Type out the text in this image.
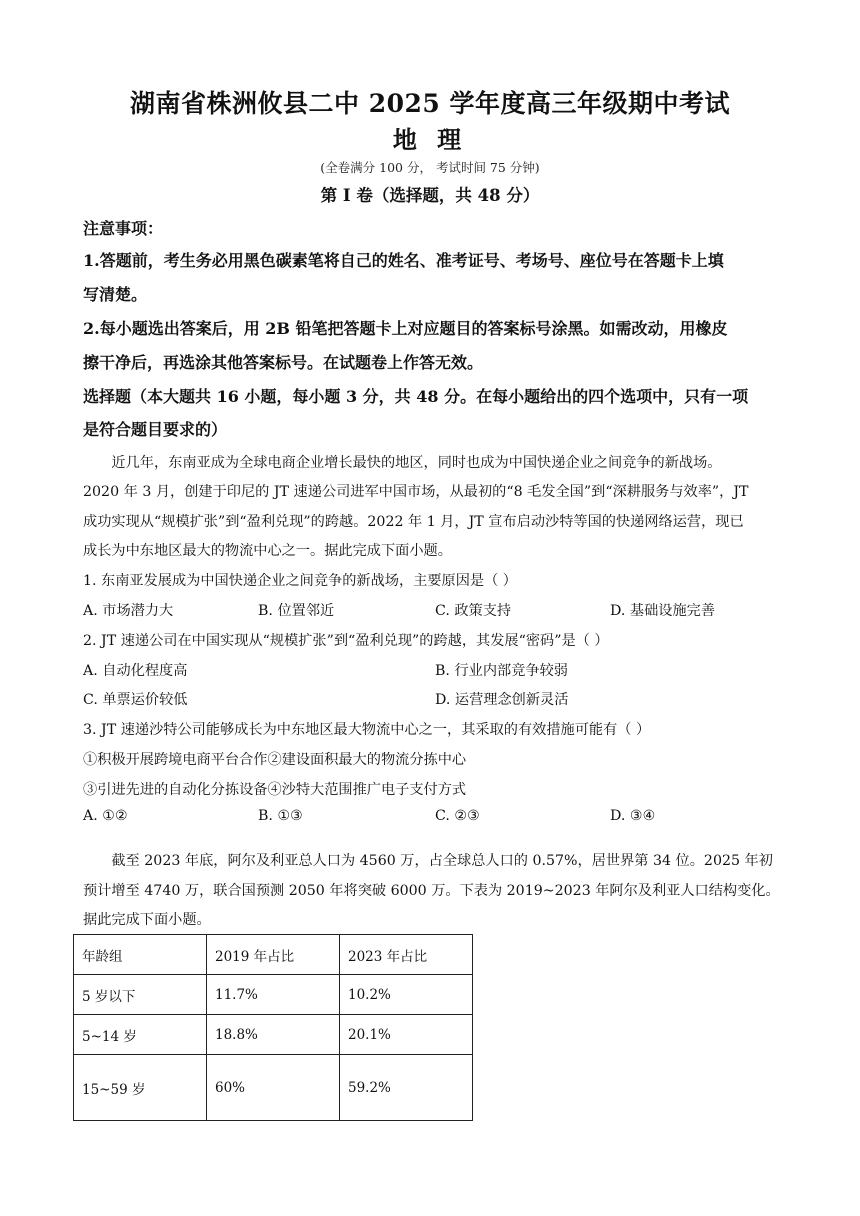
湖南省株洲攸县二中 2025 学年度高三年级期中考试
地 理
(全卷满分 100 分， 考试时间 75 分钟)
第 I 卷（选择题，共 48 分）
注意事项：
1.答题前，考生务必用黑色碳素笔将自己的姓名、准考证号、考场号、座位号在答题卡上填
写清楚。
2.每小题选出答案后，用 2B 铅笔把答题卡上对应题目的答案标号涂黑。如需改动，用橡皮
擦干净后，再选涂其他答案标号。在试题卷上作答无效。
选择题（本大题共 16 小题，每小题 3 分，共 48 分。在每小题给出的四个选项中，只有一项
是符合题目要求的）
近几年，东南亚成为全球电商企业增长最快的地区，同时也成为中国快递企业之间竞争的新战场。
2020 年 3 月，创建于印尼的 JT 速递公司进军中国市场，从最初的“8 毛发全国”到“深耕服务与效率”，JT
成功实现从“规模扩张”到“盈利兑现”的跨越。2022 年 1 月，JT 宣布启动沙特等国的快递网络运营，现已
成长为中东地区最大的物流中心之一。据此完成下面小题。
1. 东南亚发展成为中国快递企业之间竞争的新战场，主要原因是（ ）
A. 市场潜力大	B. 位置邻近	C. 政策支持	D. 基础设施完善
2. JT 速递公司在中国实现从“规模扩张”到“盈利兑现”的跨越，其发展“密码”是（ ）
A. 自动化程度高	B. 行业内部竞争较弱
C. 单票运价较低	D. 运营理念创新灵活
3. JT 速递沙特公司能够成长为中东地区最大物流中心之一，其采取的有效措施可能有（ ）
①积极开展跨境电商平台合作②建设面积最大的物流分拣中心
③引进先进的自动化分拣设备④沙特大范围推广电子支付方式
A. ①②	B. ①③	C. ②③	D. ③④
截至 2023 年底，阿尔及利亚总人口为 4560 万，占全球总人口的 0.57%，居世界第 34 位。2025 年初
预计增至 4740 万，联合国预测 2050 年将突破 6000 万。下表为 2019~2023 年阿尔及利亚人口结构变化。
据此完成下面小题。
年龄组	2019 年占比	2023 年占比
5 岁以下	11.7%	10.2%
5~14 岁	18.8%	20.1%
15~59 岁	60%	59.2%
